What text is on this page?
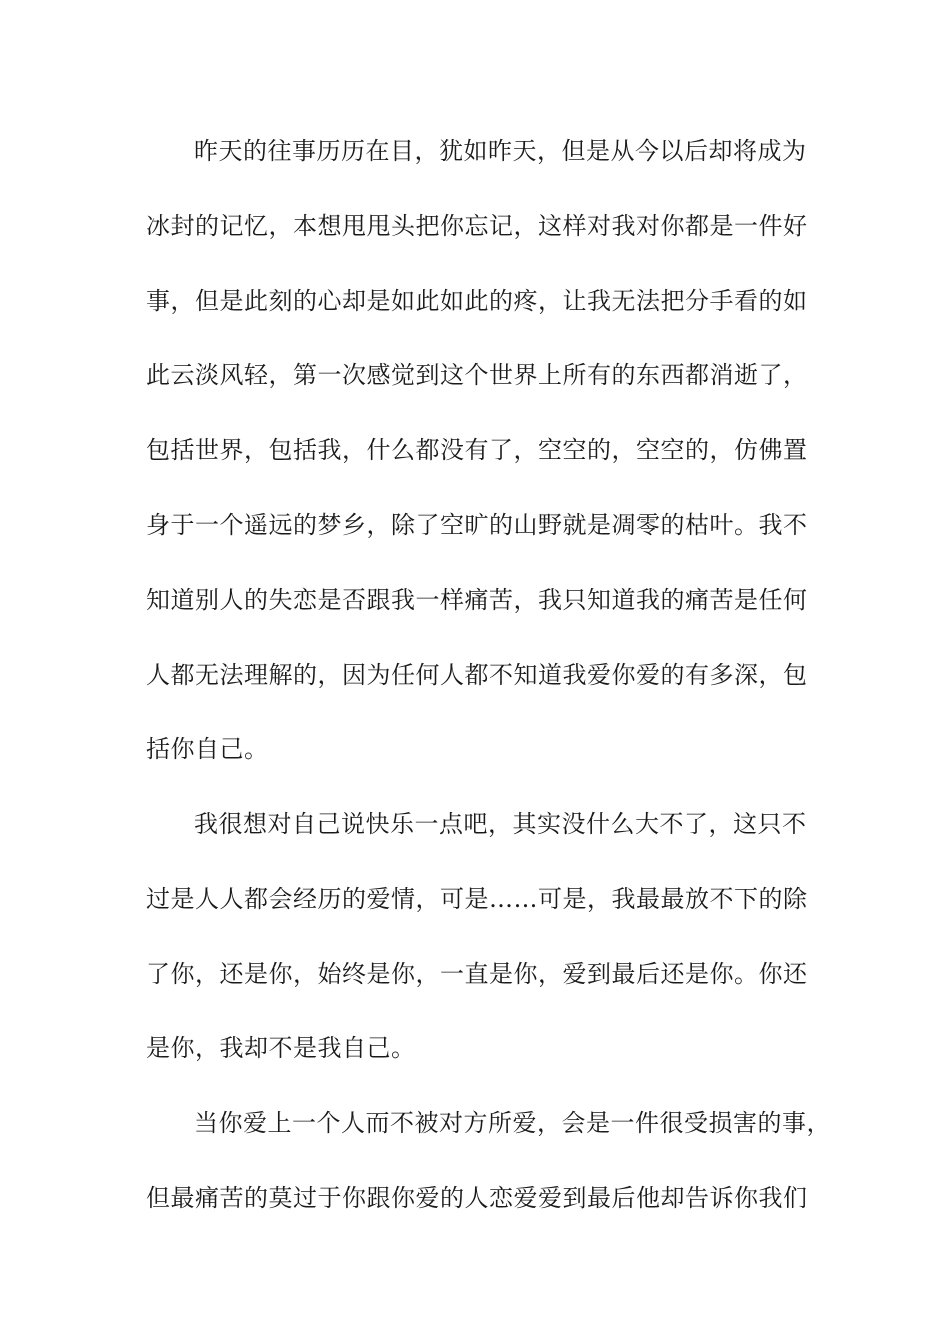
昨天的往事历历在目，犹如昨天，但是从今以后却将成为
冰封的记忆，本想甩甩头把你忘记，这样对我对你都是一件好
事，但是此刻的心却是如此如此的疼，让我无法把分手看的如
此云淡风轻，第一次感觉到这个世界上所有的东西都消逝了，
包括世界，包括我，什么都没有了，空空的，空空的，仿佛置
身于一个遥远的梦乡，除了空旷的山野就是凋零的枯叶。我不
知道别人的失恋是否跟我一样痛苦，我只知道我的痛苦是任何
人都无法理解的，因为任何人都不知道我爱你爱的有多深，包
括你自己。
我很想对自己说快乐一点吧，其实没什么大不了，这只不
过是人人都会经历的爱情，可是……可是，我最最放不下的除
了你，还是你，始终是你，一直是你，爱到最后还是你。你还
是你，我却不是我自己。
当你爱上一个人而不被对方所爱，会是一件很受损害的事，
但最痛苦的莫过于你跟你爱的人恋爱爱到最后他却告诉你我们
